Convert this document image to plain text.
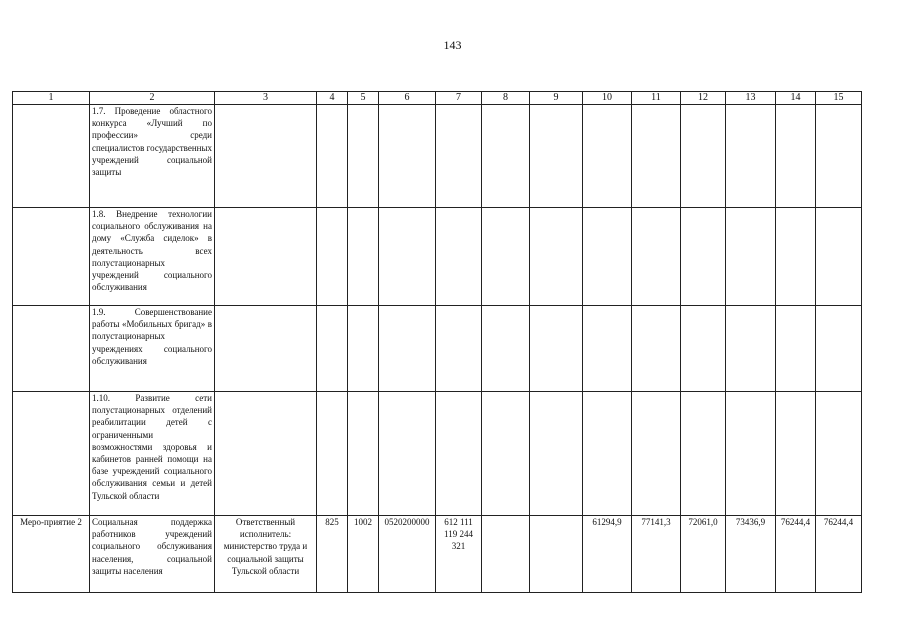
143
1	2	3	4	5	6	7	8	9	10	11	12	13	14	15
	1.7. Проведение областного конкурса «Лучший по профессии» среди специалистов государственных учреждений социальной защиты													
	1.8. Внедрение технологии социального обслуживания на дому «Служба сиделок» в деятельность всех полустационарных учреждений социального обслуживания													
	1.9. Совершенствование работы «Мобильных бригад» в полустационарных учреждениях социального обслуживания													
	1.10. Развитие сети полустационарных отделений реабилитации детей с ограниченными возможностями здоровья и кабинетов ранней помощи на базе учреждений социального обслуживания семьи и детей Тульской области													
Меро-приятие 2	Социальная поддержка работников учреждений социального обслуживания населения, социальной защиты населения	Ответственный исполнитель: министерство труда и социальной защиты Тульской области	825	1002	0520200000	612 111 119 244 321			61294,9	77141,3	72061,0	73436,9	76244,4	76244,4
